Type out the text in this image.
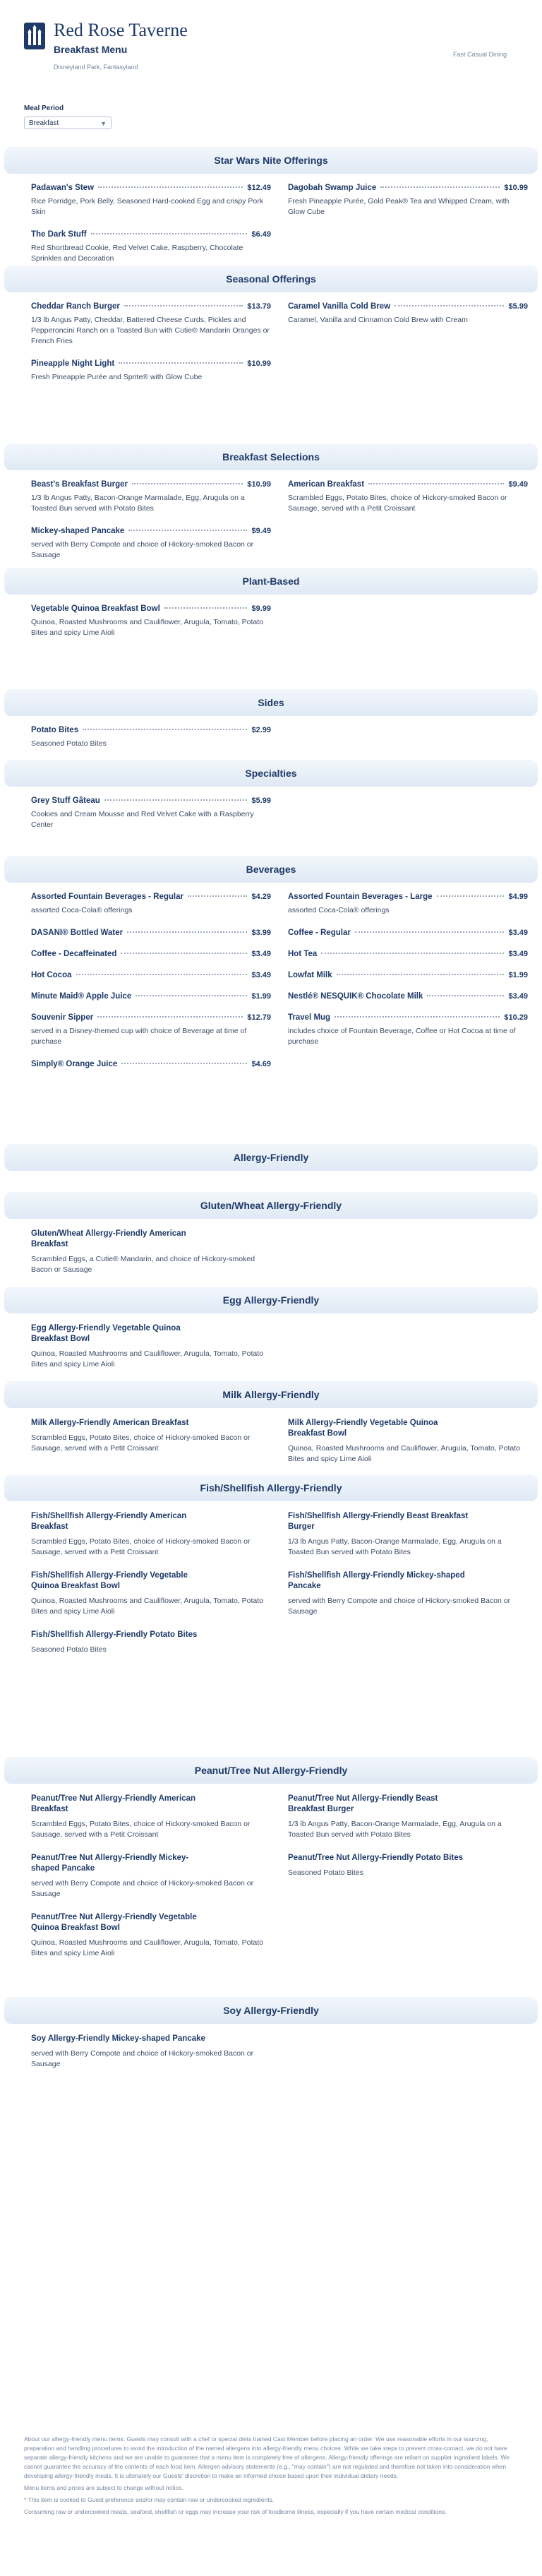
Red Rose Taverne
Breakfast Menu
Disneyland Park, Fantasyland
Fast Casual Dining
Meal Period
Breakfast	▼
Star Wars Nite Offerings
Padawan's Stew	$12.49
Rice Porridge, Pork Belly, Seasoned Hard-cooked Egg and crispy Pork Skin
Dagobah Swamp Juice	$10.99
Fresh Pineapple Purée, Gold Peak® Tea and Whipped Cream, with Glow Cube
The Dark Stuff	$6.49
Red Shortbread Cookie, Red Velvet Cake, Raspberry, Chocolate Sprinkles and Decoration
Seasonal Offerings
Cheddar Ranch Burger	$13.79
1/3 lb Angus Patty, Cheddar, Battered Cheese Curds, Pickles and Pepperoncini Ranch on a Toasted Bun with Cutie® Mandarin Oranges or French Fries
Caramel Vanilla Cold Brew	$5.99
Caramel, Vanilla and Cinnamon Cold Brew with Cream
Pineapple Night Light	$10.99
Fresh Pineapple Purée and Sprite® with Glow Cube
Breakfast Selections
Beast's Breakfast Burger	$10.99
1/3 lb Angus Patty, Bacon-Orange Marmalade, Egg, Arugula on a Toasted Bun served with Potato Bites
American Breakfast	$9.49
Scrambled Eggs, Potato Bites, choice of Hickory-smoked Bacon or Sausage, served with a Petit Croissant
Mickey-shaped Pancake	$9.49
served with Berry Compote and choice of Hickory-smoked Bacon or Sausage
Plant-Based
Vegetable Quinoa Breakfast Bowl	$9.99
Quinoa, Roasted Mushrooms and Cauliflower, Arugula, Tomato, Potato Bites and spicy Lime Aioli
Sides
Potato Bites	$2.99
Seasoned Potato Bites
Specialties
Grey Stuff Gâteau	$5.99
Cookies and Cream Mousse and Red Velvet Cake with a Raspberry Center
Beverages
Assorted Fountain Beverages - Regular	$4.29
assorted Coca-Cola® offerings
Assorted Fountain Beverages - Large	$4.99
assorted Coca-Cola® offerings
DASANI® Bottled Water	$3.99 Coffee - Regular	$3.49
Coffee - Decaffeinated	$3.49 Hot Tea	$3.49
Hot Cocoa	$3.49 Lowfat Milk	$1.99
Minute Maid® Apple Juice	$1.99 Nestlé® NESQUIK® Chocolate Milk	$3.49
Souvenir Sipper	$12.79
served in a Disney-themed cup with choice of Beverage at time of purchase
Travel Mug	$10.29
includes choice of Fountain Beverage, Coffee or Hot Cocoa at time of purchase
Simply® Orange Juice	$4.69
Allergy-Friendly
Gluten/Wheat Allergy-Friendly
Gluten/Wheat Allergy-Friendly American Breakfast
Scrambled Eggs, a Cutie® Mandarin, and choice of Hickory-smoked Bacon or Sausage
Egg Allergy-Friendly
Egg Allergy-Friendly Vegetable Quinoa Breakfast Bowl
Quinoa, Roasted Mushrooms and Cauliflower, Arugula, Tomato, Potato Bites and spicy Lime Aioli
Milk Allergy-Friendly
Milk Allergy-Friendly American Breakfast
Scrambled Eggs, Potato Bites, choice of Hickory-smoked Bacon or Sausage, served with a Petit Croissant
Milk Allergy-Friendly Vegetable Quinoa Breakfast Bowl
Quinoa, Roasted Mushrooms and Cauliflower, Arugula, Tomato, Potato Bites and spicy Lime Aioli
Fish/Shellfish Allergy-Friendly
Fish/Shellfish Allergy-Friendly American Breakfast
Scrambled Eggs, Potato Bites, choice of Hickory-smoked Bacon or Sausage, served with a Petit Croissant
Fish/Shellfish Allergy-Friendly Beast Breakfast Burger
1/3 lb Angus Patty, Bacon-Orange Marmalade, Egg, Arugula on a Toasted Bun served with Potato Bites
Fish/Shellfish Allergy-Friendly Vegetable Quinoa Breakfast Bowl
Quinoa, Roasted Mushrooms and Cauliflower, Arugula, Tomato, Potato Bites and spicy Lime Aioli
Fish/Shellfish Allergy-Friendly Mickey-shaped Pancake
served with Berry Compote and choice of Hickory-smoked Bacon or Sausage
Fish/Shellfish Allergy-Friendly Potato Bites
Seasoned Potato Bites
Peanut/Tree Nut Allergy-Friendly
Peanut/Tree Nut Allergy-Friendly American Breakfast
Scrambled Eggs, Potato Bites, choice of Hickory-smoked Bacon or Sausage, served with a Petit Croissant
Peanut/Tree Nut Allergy-Friendly Beast Breakfast Burger
1/3 lb Angus Patty, Bacon-Orange Marmalade, Egg, Arugula on a Toasted Bun served with Potato Bites
Peanut/Tree Nut Allergy-Friendly Mickey-shaped Pancake
served with Berry Compote and choice of Hickory-smoked Bacon or Sausage
Peanut/Tree Nut Allergy-Friendly Potato Bites
Seasoned Potato Bites
Peanut/Tree Nut Allergy-Friendly Vegetable Quinoa Breakfast Bowl
Quinoa, Roasted Mushrooms and Cauliflower, Arugula, Tomato, Potato Bites and spicy Lime Aioli
Soy Allergy-Friendly
Soy Allergy-Friendly Mickey-shaped Pancake
served with Berry Compote and choice of Hickory-smoked Bacon or Sausage

About our allergy-friendly menu items: Guests may consult with a chef or special diets trained Cast Member before placing an order. We use reasonable efforts in our sourcing, preparation and handling procedures to avoid the introduction of the named allergens into allergy-friendly menu choices. While we take steps to prevent cross-contact, we do not have separate allergy-friendly kitchens and we are unable to guarantee that a menu item is completely free of allergens. Allergy-friendly offerings are reliant on supplier ingredient labels. We cannot guarantee the accuracy of the contents of each food item. Allergen advisory statements (e.g., "may contain") are not regulated and therefore not taken into consideration when developing allergy-friendly meals. It is ultimately our Guests' discretion to make an informed choice based upon their individual dietary needs.

Menu items and prices are subject to change without notice.

* This item is cooked to Guest preference and/or may contain raw or undercooked ingredients.

Consuming raw or undercooked meats, seafood, shellfish or eggs may increase your risk of foodborne illness, especially if you have certain medical conditions.
